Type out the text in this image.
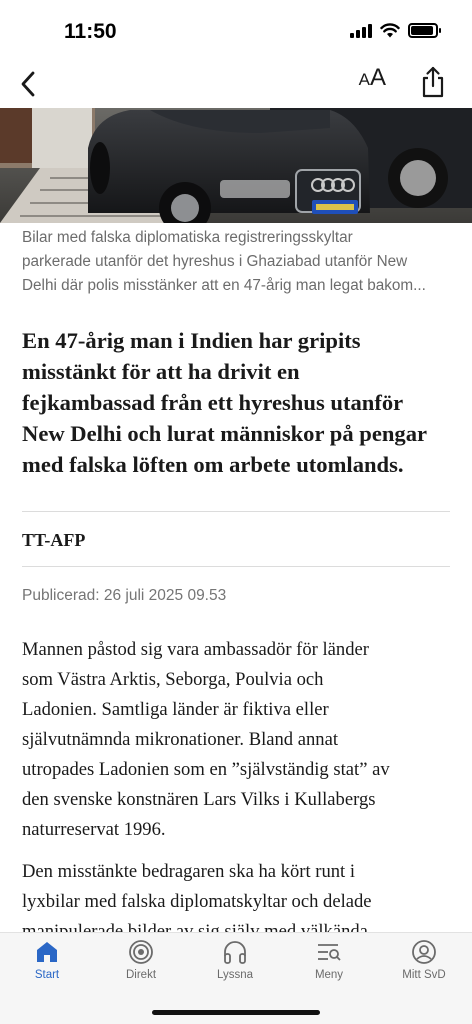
11:50
A A

Bilar med falska diplomatiska registreringsskyltar

parkerade utanför det hyreshus i Ghaziabad utanför New

Delhi där polis misstänker att en 47-årig man legat bakom...

En 47-årig man i Indien har gripits

misstänkt för att ha drivit en

fejkambassad från ett hyreshus utanför

New Delhi och lurat människor på pengar

med falska löften om arbete utomlands.

TT-AFP
Publicerad: 26 juli 2025 09.53

Mannen påstod sig vara ambassadör för länder

som Västra Arktis, Seborga, Poulvia och

Ladonien. Samtliga länder är fiktiva eller

självutnämnda mikronationer. Bland annat

utropades Ladonien som en ”självständig stat” av

den svenske konstnären Lars Vilks i Kullabergs

naturreservat 1996.

Den misstänkte bedragaren ska ha kört runt i

lyxbilar med falska diplomatskyltar och delade

Start	Direkt	Lyssna	Meny	Mitt SvD
